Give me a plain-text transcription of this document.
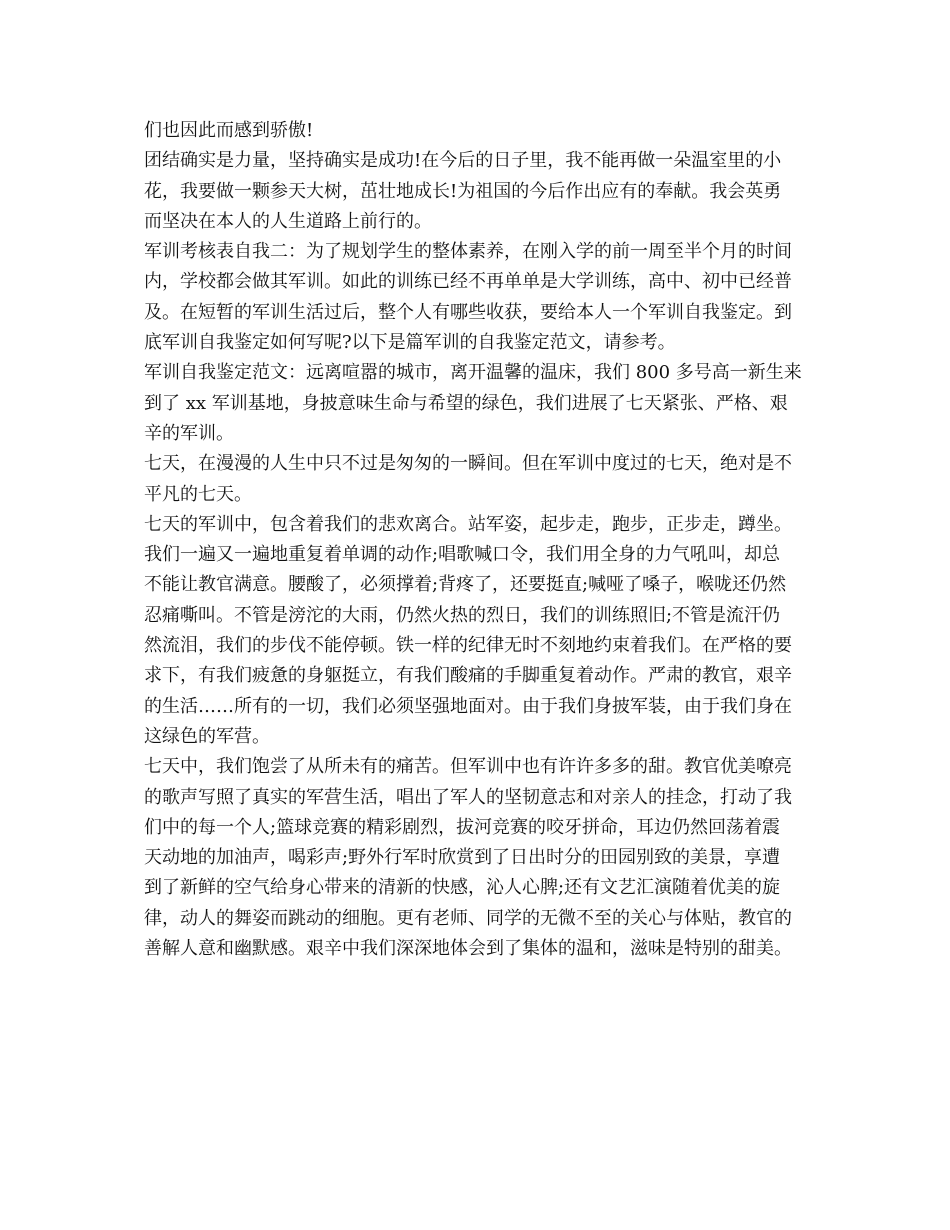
们也因此而感到骄傲!
团结确实是力量，坚持确实是成功!在今后的日子里，我不能再做一朵温室里的小
花，我要做一颗参天大树，茁壮地成长!为祖国的今后作出应有的奉献。我会英勇
而坚决在本人的人生道路上前行的。
军训考核表自我二：为了规划学生的整体素养，在刚入学的前一周至半个月的时间
内，学校都会做其军训。如此的训练已经不再单单是大学训练，高中、初中已经普
及。在短暂的军训生活过后，整个人有哪些收获，要给本人一个军训自我鉴定。到
底军训自我鉴定如何写呢?以下是篇军训的自我鉴定范文，请参考。
军训自我鉴定范文：远离喧嚣的城市，离开温馨的温床，我们 800 多号高一新生来
到了 xx 军训基地，身披意味生命与希望的绿色，我们进展了七天紧张、严格、艰
辛的军训。
七天，在漫漫的人生中只不过是匆匆的一瞬间。但在军训中度过的七天，绝对是不
平凡的七天。
七天的军训中，包含着我们的悲欢离合。站军姿，起步走，跑步，正步走，蹲坐。
我们一遍又一遍地重复着单调的动作;唱歌喊口令，我们用全身的力气吼叫，却总
不能让教官满意。腰酸了，必须撑着;背疼了，还要挺直;喊哑了嗓子，喉咙还仍然
忍痛嘶叫。不管是滂沱的大雨，仍然火热的烈日，我们的训练照旧;不管是流汗仍
然流泪，我们的步伐不能停顿。铁一样的纪律无时不刻地约束着我们。在严格的要
求下，有我们疲惫的身躯挺立，有我们酸痛的手脚重复着动作。严肃的教官，艰辛
的生活……所有的一切，我们必须坚强地面对。由于我们身披军装，由于我们身在
这绿色的军营。
七天中，我们饱尝了从所未有的痛苦。但军训中也有许许多多的甜。教官优美嘹亮
的歌声写照了真实的军营生活，唱出了军人的坚韧意志和对亲人的挂念，打动了我
们中的每一个人;篮球竞赛的精彩剧烈，拔河竞赛的咬牙拼命，耳边仍然回荡着震
天动地的加油声，喝彩声;野外行军时欣赏到了日出时分的田园别致的美景，享遭
到了新鲜的空气给身心带来的清新的快感，沁人心脾;还有文艺汇演随着优美的旋
律，动人的舞姿而跳动的细胞。更有老师、同学的无微不至的关心与体贴，教官的
善解人意和幽默感。艰辛中我们深深地体会到了集体的温和，滋味是特别的甜美。
